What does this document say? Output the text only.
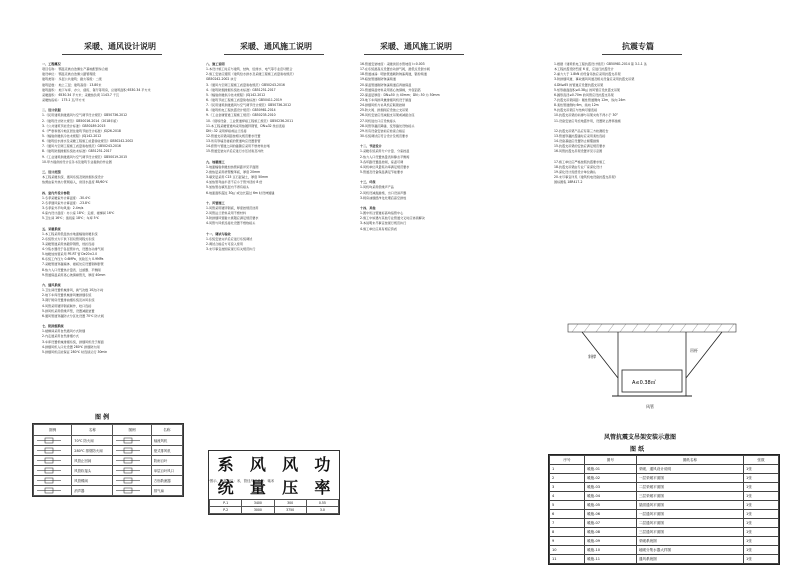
采暖、通风设计说明
一、工程概况
项目名称： 鄂温克族自治旗生产基地配套综合楼
建设单位： 鄂温克族自治旗公路管理段
建筑类别： 多层公共建筑；耐火等级：二级
建筑层数： 地上三层；建筑高度：13.80米
建筑面积： 地下车库、办公、值班、餐厅等用房，总建筑面积 6530.34 平方米
采暖面积： 6530.34 平方米；采暖热负荷 1143.7 千瓦
采暖热指标： 175.1 瓦/平方米
二、设计依据
1.《民用建筑供暖通风与空气调节设计规范》GB50736-2012
2.《建筑设计防火规范》GB50016-2014（2018年版）
3.《公共建筑节能设计标准》GB50189-2015
4.《严寒和寒冷地区居住建筑节能设计标准》JGJ26-2018
5.《辐射供暖供冷技术规程》JGJ142-2012
6.《建筑给水排水及采暖工程施工质量验收规范》GB50242-2002
7.《通风与空调工程施工质量验收规范》GB50243-2016
8.《建筑防烟排烟系统技术标准》GB51251-2017
9.《工业建筑供暖通风与空气调节设计规范》GB50019-2015
10.甲方提供的设计任务书及建筑专业提供的作业图
三、设计范围
本工程采暖系统、通风系统及防排烟系统设计
热源由室外热力管网接入，供回水温度 85/60℃
四、室内外设计参数
1.冬季采暖室外计算温度：-30.4℃
2.冬季通风室外计算温度：-23.8℃
3.冬季室外平均风速：2.4m/s
4.室内设计温度：办公室 18℃；走廊、楼梯间 16℃
5.卫生间 16℃；值班室 18℃；车库 5℃
五、采暖系统
1.本工程采用低温热水地面辐射供暖系统
2.系统形式为下供下回双管同程式系统
3.采暖管道采用热镀锌钢管，丝扣连接
4.分集水器设于各层管井内，设置自动排气阀
5.地暖加热管采用 PE-RT 管 De20×2.0
6.系统工作压力 0.6MPa，试验压力 0.9MPa
7.采暖管道穿越墙体、楼板处应设置钢制套管
8.热力入口设置热计量表、过滤器、平衡阀
9.管道保温采用离心玻璃棉管壳，厚度 40mm
六、通风系统
1.卫生间设置机械排风，换气次数 10次/小时
2.地下车库设置机械排风兼排烟系统
3.餐厅厨房设置排油烟系统及补风系统
4.风管采用镀锌钢板制作，咬口连接
5.排风机采用低噪声型，设置减振装置
6.通风管道穿越防火分区处设置 70℃ 防火阀
七、防排烟系统
1.楼梯间采用自然通风方式防烟
2.内走道采用自然排烟方式
3.车库设置机械排烟系统，排烟风机设于屋面
4.排烟风机入口处设置 280℃ 排烟防火阀
5.排烟风机应能保证 280℃ 时连续运行 30min
图 例
图例	名称	图例	名称
	70℃ 防火阀		轴流风机
	280℃ 排烟防火阀		壁式排风机
	风管止回阀		防雨百叶
	风管软接头		单层百叶风口
	风管蝶阀		方形散流器
	消声器		排气扇
采暖、通风施工说明
八、施工说明
1.本设计施工时应与建筑、结构、给排水、电气等专业密切配合
2.施工安装应遵照《建筑给水排水及采暖工程施工质量验收规范》
GB50242-2002 执行
3.《通风与空调工程施工质量验收规范》GB50243-2016
4.《建筑防烟排烟系统技术标准》GB51251-2017
5.《辐射供暖供冷技术规程》JGJ142-2012
6.《建筑节能工程施工质量验收标准》GB50411-2019
7.《民用建筑供暖通风与空气调节设计规范》GB50736-2012
8.《建筑机电工程抗震设计规范》GB50981-2014
9.《工业金属管道工程施工规范》GB50235-2010
10.《现场设备、工业管道焊接工程施工规范》GB50236-2011
11.本工程采暖管道均采用热镀锌钢管，DN≤32 丝扣连接
DN＞32 采用焊接或法兰连接
12.管道支吊架间距按相关规范要求设置
13.所有穿墙及楼板的管道均应设置套管
14.套管与管道之间的缝隙应采用不燃材料封堵
15.管道安装完毕后应进行水压试验及冲洗
九、地暖施工
1.地面辐射供暖加热管间距详见平面图
2.绝热层采用挤塑聚苯板，厚度 20mm
3.填充层采用 C15 豆石混凝土，厚度 50mm
4.加热管弯曲半径不应小于管外径的 8 倍
5.加热管在填充层内不得有接头
6.地面面积超过 30㎡ 或边长超过 6m 时设伸缩缝
十、风管施工
1.风管采用镀锌钢板，厚度按规范选用
2.风管法兰垫料采用不燃材料
3.防排烟风管耐火极限应满足规范要求
4.风管与风机连接处设置不燃软接头
十一、调试与验收
1.系统安装完毕后应进行系统调试
2.调试合格后方可投入使用
3.未尽事宜按国家现行有关规范执行
系统	风量	风压	功率
P-1	3400	300	0.55
P-2	3000	3750	3.0
*图示、标高单位：米，管径尺寸单位：毫米
采暖、通风施工说明
16.管道安装坡度：采暖供回水管坡度 i=0.003
17.在系统最高点设置自动排气阀，最低点设泄水阀
18.管道油漆：明装管道刷防锈漆两道，银粉两道
19.暗装管道刷防锈漆两道
20.保温管道刷防锈漆两道后再做保温
21.管道保温材料采用离心玻璃棉，外包铝箔
22.保温层厚度：DN≤50 为 40mm；DN＞50 为 50mm
23.地下车库排风兼排烟风机设于屋面
24.排烟风机与补风机应联锁控制
25.防火阀、排烟阀应设独立支吊架
26.风机安装应设减振支吊架或减振台座
27.风机进出口应设软接头
28.风管穿越沉降缝、变形缝处设软接头
29.所有设备安装前应检查合格证
30.系统调试应符合设计及规范要求
十二、节能设计
1.采暖系统采用分户计量、分室控温
2.热力入口设置热量表和静态平衡阀
3.各环路设置温控阀，室温可调
4.风机单位风量耗功率满足规范要求
5.管道及设备保温满足节能要求
十三、环保
1.风机均采用低噪声产品
2.风机设减振措施，出口设消声器
3.厨房油烟经净化处理后高空排放
十四、其他
1.图中所注管道标高均指管中心
2.施工中如遇与其他专业管道交叉时应协商解决
3.本说明未尽事宜按现行规范执行
4.施工单位应具有相应资质
抗震专篇
1.根据《建筑机电工程抗震设计规范》GB50981-2014 第 3.1.1 条
本工程抗震设防烈度 6 度，应进行抗震设计
2.重力大于 1.8kN 的设备吊装应采用抗震支吊架
3.防排烟风道、事故通风风道及相关设备应采用抗震支吊架
4.DN≥65 的管道应设置抗震支吊架
5.矩形截面面积≥0.38㎡ 的风管应设抗震支吊架
6.圆形直径≥0.70m 的风管应设抗震支吊架
7.抗震支吊架间距：刚性管道侧向 12m，纵向 24m
8.柔性管道侧向 6m，纵向 12m
9.抗震支吊架应与结构可靠连接
10.抗震支吊架的斜撑与吊架夹角不得小于 30°
11.设备安装应考虑地震作用，设置防止滑移措施
12.抗震支吊架产品应有第三方检测报告
13.管道穿越抗震缝时应采用柔性连接
14.设备基础应设置防止倾覆措施
15.抗震支吊架的安装应满足规范要求
16.风管抗震支吊架设置详见示意图
17.施工单位应严格按照抗震要求施工
18.抗震支吊架由专业厂家深化设计
19.深化设计需经设计单位确认
20.未尽事宜详见《建筑机电设备抗震支吊架》
国标图集 18R417-2
A≤0.38㎡
斜撑
吊杆
风管
风管抗震支吊架安装示意图
图 纸
序号	图号	图纸名称	张数
1	暖施-01	采暖、通风设计说明	1张
2	暖施-02	一层采暖平面图	1张
3	暖施-03	二层采暖平面图	1张
4	暖施-04	三层采暖平面图	1张
5	暖施-05	屋面通风平面图	1张
6	暖施-06	一层通风平面图	1张
7	暖施-07	二层通风平面图	1张
8	暖施-08	三层通风平面图	1张
9	暖施-09	采暖系统图	1张
10	暖施-10	地暖分集水器大样图	1张
11	暖施-11	通风系统图	1张
